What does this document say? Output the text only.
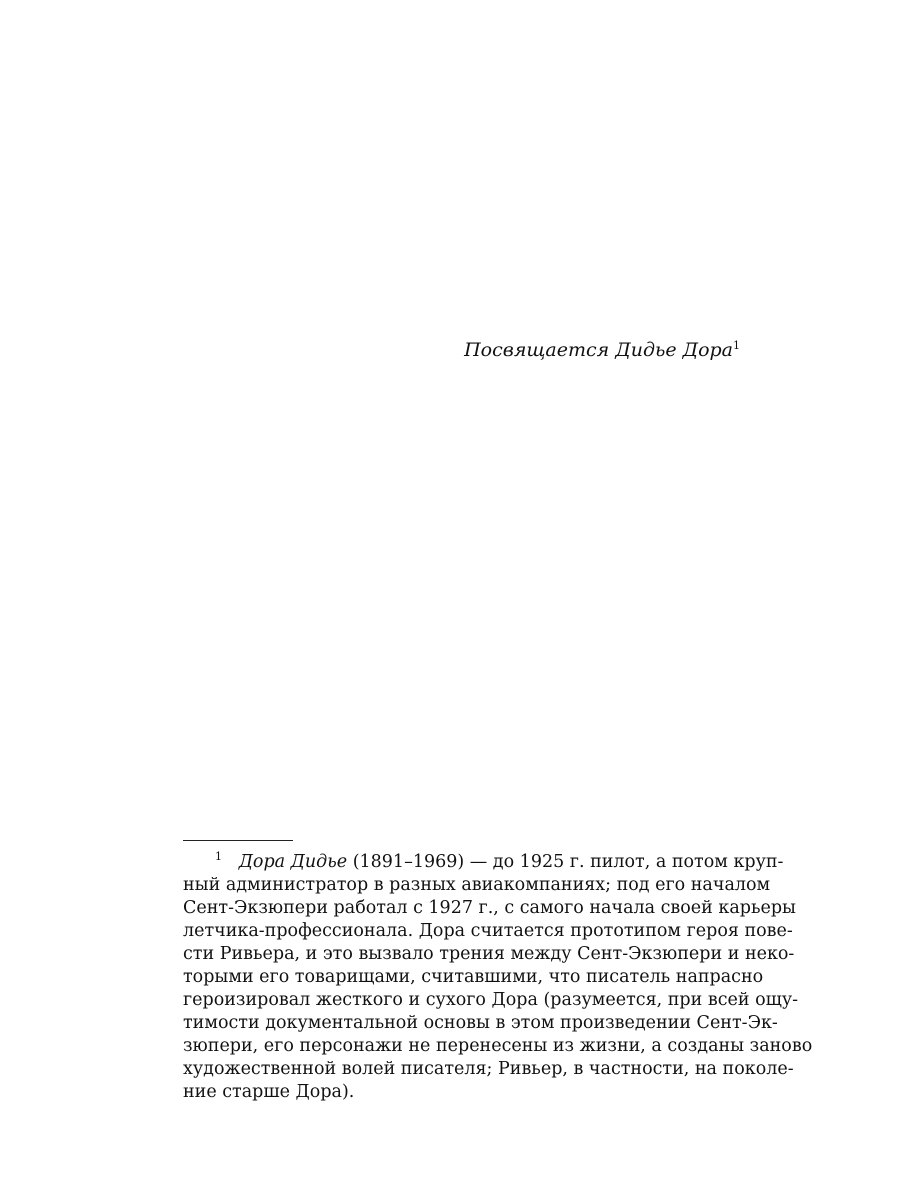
Посвящается Дидье Дора$^1$
$^1$ Дора Дидье (1891–1969) — до 1925 г. пилот, а потом круп-
ный администратор в разных авиакомпаниях; под его началом
Сент-Экзюпери работал с 1927 г., с самого начала своей карьеры
летчика-профессионала. Дора считается прототипом героя пове-
сти Ривьера, и это вызвало трения между Сент-Экзюпери и неко-
торыми его товарищами, считавшими, что писатель напрасно
героизировал жесткого и сухого Дора (разумеется, при всей ощу-
тимости документальной основы в этом произведении Сент-Эк-
зюпери, его персонажи не перенесены из жизни, а созданы заново
художественной волей писателя; Ривьер, в частности, на поколе-
ние старше Дора).
